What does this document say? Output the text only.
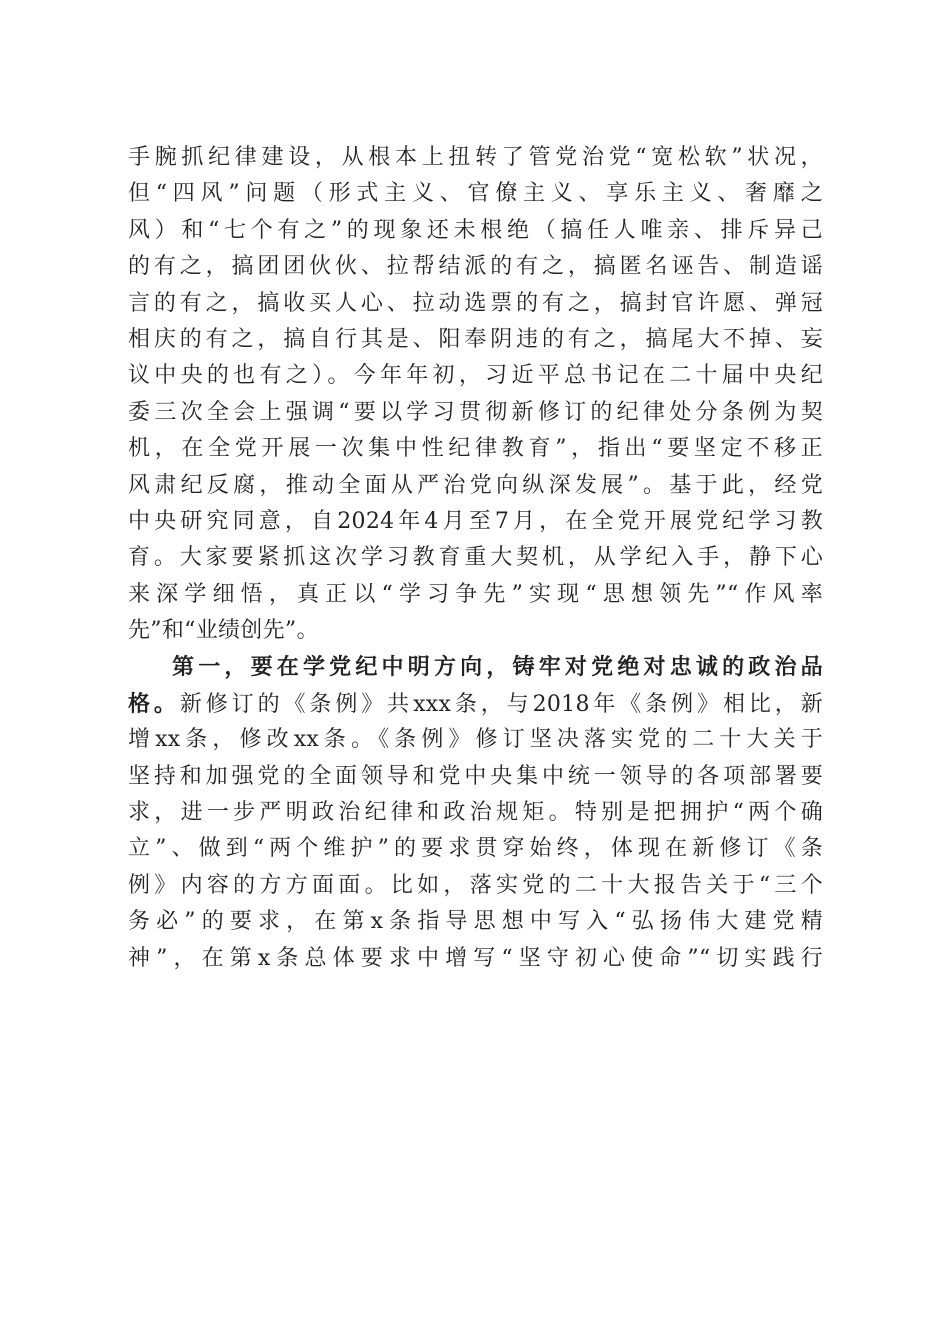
手腕抓纪律建设，从根本上扭转了管党治党“宽松软”状况，
但“四风”问题（形式主义、官僚主义、享乐主义、奢靡之
风）和“七个有之”的现象还未根绝（搞任人唯亲、排斥异己
的有之，搞团团伙伙、拉帮结派的有之，搞匿名诬告、制造谣
言的有之，搞收买人心、拉动选票的有之，搞封官许愿、弹冠
相庆的有之，搞自行其是、阳奉阴违的有之，搞尾大不掉、妄
议中央的也有之）。今年年初，习近平总书记在二十届中央纪
委三次全会上强调“要以学习贯彻新修订的纪律处分条例为契
机，在全党开展一次集中性纪律教育”，指出“要坚定不移正
风肃纪反腐，推动全面从严治党向纵深发展”。基于此，经党
中央研究同意，自2024年4月至7月，在全党开展党纪学习教
育。大家要紧抓这次学习教育重大契机，从学纪入手，静下心
来深学细悟，真正以“学习争先”实现“思想领先”“作风率
先”和“业绩创先”。
第一，要在学党纪中明方向，铸牢对党绝对忠诚的政治品
格。新修订的《条例》共xxx条，与2018年《条例》相比，新
增xx条，修改xx条。《条例》修订坚决落实党的二十大关于
坚持和加强党的全面领导和党中央集中统一领导的各项部署要
求，进一步严明政治纪律和政治规矩。特别是把拥护“两个确
立”、做到“两个维护”的要求贯穿始终，体现在新修订《条
例》内容的方方面面。比如，落实党的二十大报告关于“三个
务必”的要求，在第x条指导思想中写入“弘扬伟大建党精
神”，在第x条总体要求中增写“坚守初心使命”“切实践行
